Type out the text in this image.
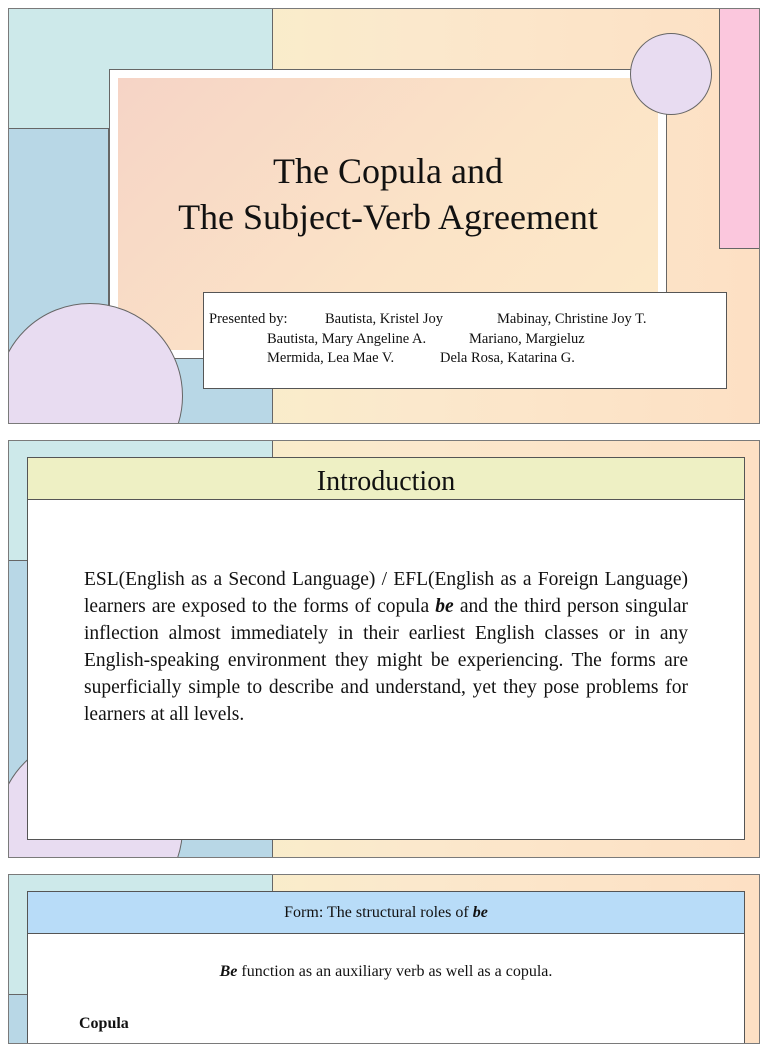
The Copula and
The Subject-Verb Agreement
Presented by:	Bautista, Kristel Joy	Mabinay, Christine Joy T.
Bautista, Mary Angeline A.	Mariano, Margieluz
Mermida, Lea Mae V.	Dela Rosa, Katarina G.
Introduction
ESL(English as a Second Language) / EFL(English as a Foreign Language) learners are exposed to the forms of copula be and the third person singular inflection almost immediately in their earliest English classes or in any English-speaking environment they might be experiencing. The forms are superficially simple to describe and understand, yet they pose problems for learners at all levels.
Form: The structural roles of be
Be function as an auxiliary verb as well as a copula.
Copula
